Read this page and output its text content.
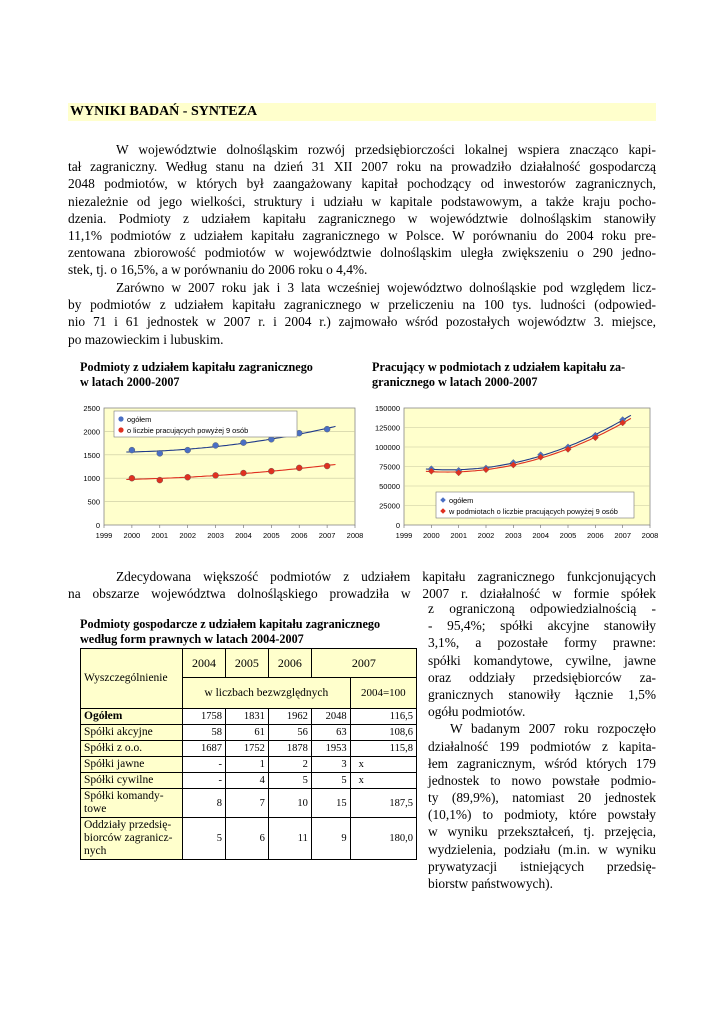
WYNIKI BADAŃ - SYNTEZA
W województwie dolnośląskim rozwój przedsiębiorczości lokalnej wspiera znacząco kapi-
tał zagraniczny. Według stanu na dzień 31 XII 2007 roku na prowadziło działalność gospodarczą
2048 podmiotów, w których był zaangażowany kapitał pochodzący od inwestorów zagranicznych,
niezależnie od jego wielkości, struktury i udziału w kapitale podstawowym, a także kraju pocho-
dzenia. Podmioty z udziałem kapitału zagranicznego w województwie dolnośląskim stanowiły
11,1% podmiotów z udziałem kapitału zagranicznego w Polsce. W porównaniu do 2004 roku pre-
zentowana zbiorowość podmiotów w województwie dolnośląskim uległa zwiększeniu o 290 jedno-
stek, tj. o 16,5%, a w porównaniu do 2006 roku o 4,4%.
Zarówno w 2007 roku jak i 3 lata wcześniej województwo dolnośląskie pod względem licz-
by podmiotów z udziałem kapitału zagranicznego w przeliczeniu na 100 tys. ludności (odpowied-
nio 71 i 61 jednostek w 2007 r. i 2004 r.) zajmowało wśród pozostałych województw 3. miejsce,
po mazowieckim i lubuskim.
Podmioty z udziałem kapitału zagranicznego
w latach 2000-2007
Pracujący w podmiotach z udziałem kapitału za-
granicznego w latach 2000-2007
0
500
1000
1500
2000
2500
1999 2000 2001 2002 2003 2004 2005 2006 2007 2008
ogółem
o liczbie pracujących powyżej 9 osób
0
25000
50000
75000
100000
125000
150000
1999 2000 2001 2002 2003 2004 2005 2006 2007 2008
ogółem
w podmiotach o liczbie pracujących powyżej 9 osób
Zdecydowana większość podmiotów z udziałem kapitału zagranicznego funkcjonujących
na obszarze województwa dolnośląskiego prowadziła w 2007 r. działalność w formie spółek
Podmioty gospodarcze z udziałem kapitału zagranicznego
według form prawnych w latach 2004-2007
Wyszczególnienie	2004	2005	2006	2007	
	w liczbach bezwzględnych				2004=100
Ogółem	1758	1831	1962	2048	116,5
Spółki akcyjne	58	61	56	63	108,6
Spółki z o.o.	1687	1752	1878	1953	115,8
Spółki jawne	-	1	2	3	x
Spółki cywilne	-	4	5	5	x
Spółki komandy-
towe	8	7	10	15	187,5
Oddziały przedsię-
biorców zagranicz-
nych	5	6	11	9	180,0
z ograniczoną odpowiedzialnością -
- 95,4%; spółki akcyjne stanowiły
3,1%, a pozostałe formy prawne:
spółki komandytowe, cywilne, jawne
oraz oddziały przedsiębiorców za-
granicznych stanowiły łącznie 1,5%
ogółu podmiotów.
W badanym 2007 roku rozpoczęło
działalność 199 podmiotów z kapita-
łem zagranicznym, wśród których 179
jednostek to nowo powstałe podmio-
ty (89,9%), natomiast 20 jednostek
(10,1%) to podmioty, które powstały
w wyniku przekształceń, tj. przejęcia,
wydzielenia, podziału (m.in. w wyniku
prywatyzacji istniejących przedsię-
biorstw państwowych).
